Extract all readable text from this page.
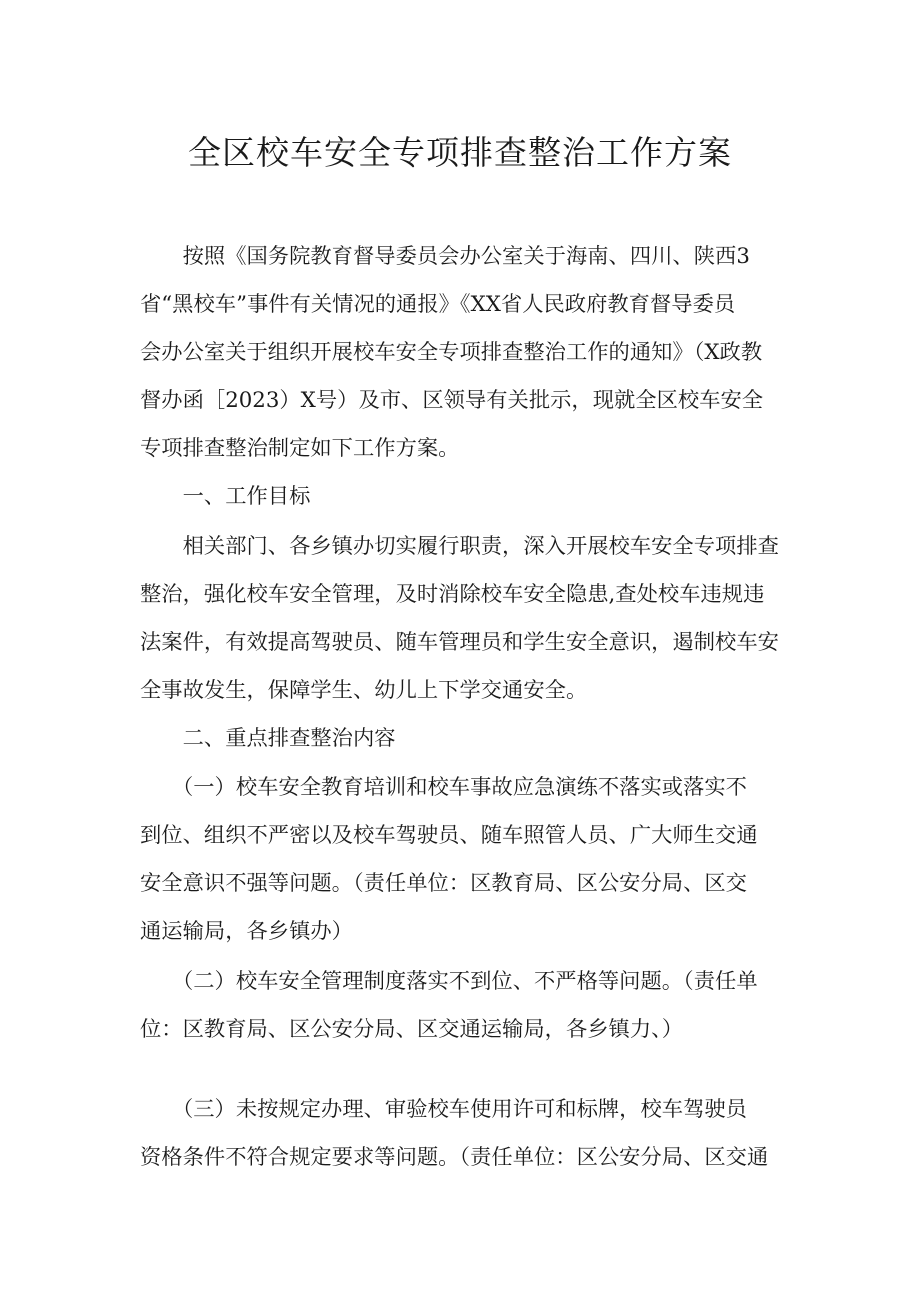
全区校车安全专项排查整治工作方案

　　按照《国务院教育督导委员会办公室关于海南、四川、陕西3

省“黑校车”事件有关情况的通报》《XX省人民政府教育督导委员

会办公室关于组织开展校车安全专项排查整治工作的通知》（X政教

督办函［2023）X号）及市、区领导有关批示，现就全区校车安全

专项排查整治制定如下工作方案。

　　一、工作目标

　　相关部门、各乡镇办切实履行职责，深入开展校车安全专项排查

整治，强化校车安全管理，及时消除校车安全隐患,查处校车违规违

法案件，有效提高驾驶员、随车管理员和学生安全意识，遏制校车安

全事故发生，保障学生、幼儿上下学交通安全。

　　二、重点排查整治内容

　　（一）校车安全教育培训和校车事故应急演练不落实或落实不

到位、组织不严密以及校车驾驶员、随车照管人员、广大师生交通

安全意识不强等问题。（责任单位：区教育局、区公安分局、区交

通运输局，各乡镇办）

　　（二）校车安全管理制度落实不到位、不严格等问题。（责任单

位：区教育局、区公安分局、区交通运输局，各乡镇力、）

　　（三）未按规定办理、审验校车使用许可和标牌，校车驾驶员

资格条件不符合规定要求等问题。（责任单位：区公安分局、区交通
